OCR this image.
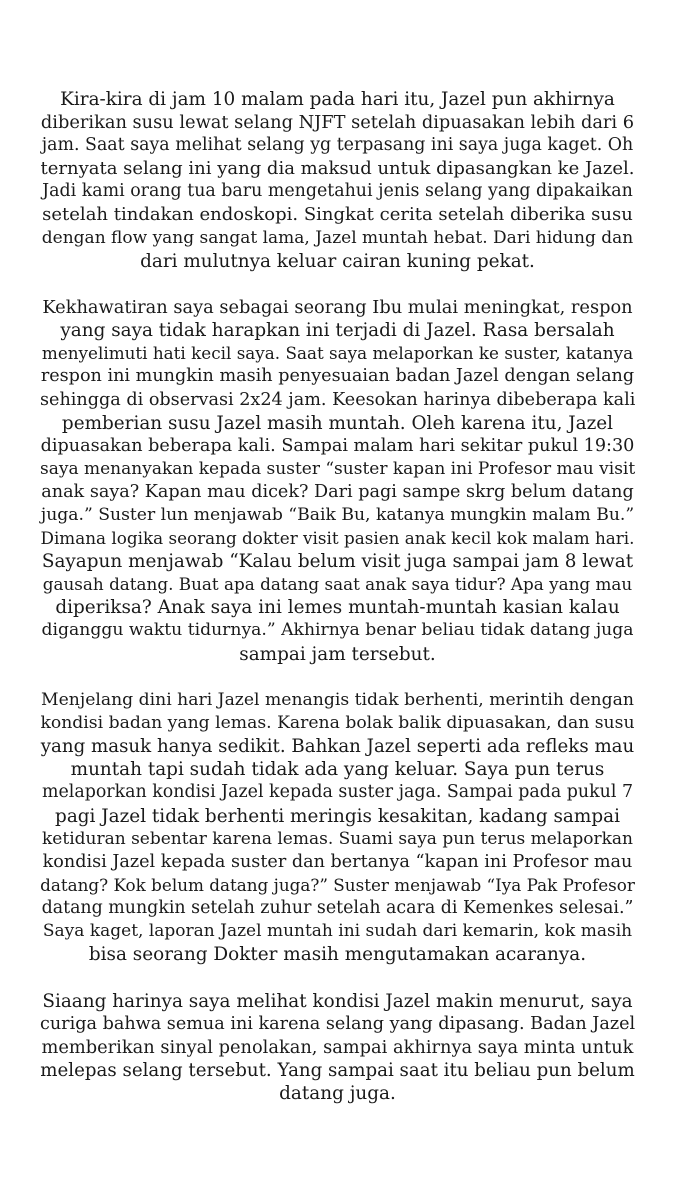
Kira-kira di jam 10 malam pada hari itu, Jazel pun akhirnya
diberikan susu lewat selang NJFT setelah dipuasakan lebih dari 6
jam. Saat saya melihat selang yg terpasang ini saya juga kaget. Oh
ternyata selang ini yang dia maksud untuk dipasangkan ke Jazel.
Jadi kami orang tua baru mengetahui jenis selang yang dipakaikan
setelah tindakan endoskopi. Singkat cerita setelah diberika susu
dengan flow yang sangat lama, Jazel muntah hebat. Dari hidung dan
dari mulutnya keluar cairan kuning pekat.

Kekhawatiran saya sebagai seorang Ibu mulai meningkat, respon
yang saya tidak harapkan ini terjadi di Jazel. Rasa bersalah
menyelimuti hati kecil saya. Saat saya melaporkan ke suster, katanya
respon ini mungkin masih penyesuaian badan Jazel dengan selang
sehingga di observasi 2x24 jam. Keesokan harinya dibeberapa kali
pemberian susu Jazel masih muntah. Oleh karena itu, Jazel
dipuasakan beberapa kali. Sampai malam hari sekitar pukul 19:30
saya menanyakan kepada suster “suster kapan ini Profesor mau visit
anak saya? Kapan mau dicek? Dari pagi sampe skrg belum datang
juga.” Suster lun menjawab “Baik Bu, katanya mungkin malam Bu.”
Dimana logika seorang dokter visit pasien anak kecil kok malam hari.
Sayapun menjawab “Kalau belum visit juga sampai jam 8 lewat
gausah datang. Buat apa datang saat anak saya tidur? Apa yang mau
diperiksa? Anak saya ini lemes muntah-muntah kasian kalau
diganggu waktu tidurnya.” Akhirnya benar beliau tidak datang juga
sampai jam tersebut.

Menjelang dini hari Jazel menangis tidak berhenti, merintih dengan
kondisi badan yang lemas. Karena bolak balik dipuasakan, dan susu
yang masuk hanya sedikit. Bahkan Jazel seperti ada refleks mau
muntah tapi sudah tidak ada yang keluar. Saya pun terus
melaporkan kondisi Jazel kepada suster jaga. Sampai pada pukul 7
pagi Jazel tidak berhenti meringis kesakitan, kadang sampai
ketiduran sebentar karena lemas. Suami saya pun terus melaporkan
kondisi Jazel kepada suster dan bertanya “kapan ini Profesor mau
datang? Kok belum datang juga?” Suster menjawab “Iya Pak Profesor
datang mungkin setelah zuhur setelah acara di Kemenkes selesai.”
Saya kaget, laporan Jazel muntah ini sudah dari kemarin, kok masih
bisa seorang Dokter masih mengutamakan acaranya.

Siaang harinya saya melihat kondisi Jazel makin menurut, saya
curiga bahwa semua ini karena selang yang dipasang. Badan Jazel
memberikan sinyal penolakan, sampai akhirnya saya minta untuk
melepas selang tersebut. Yang sampai saat itu beliau pun belum
datang juga.
